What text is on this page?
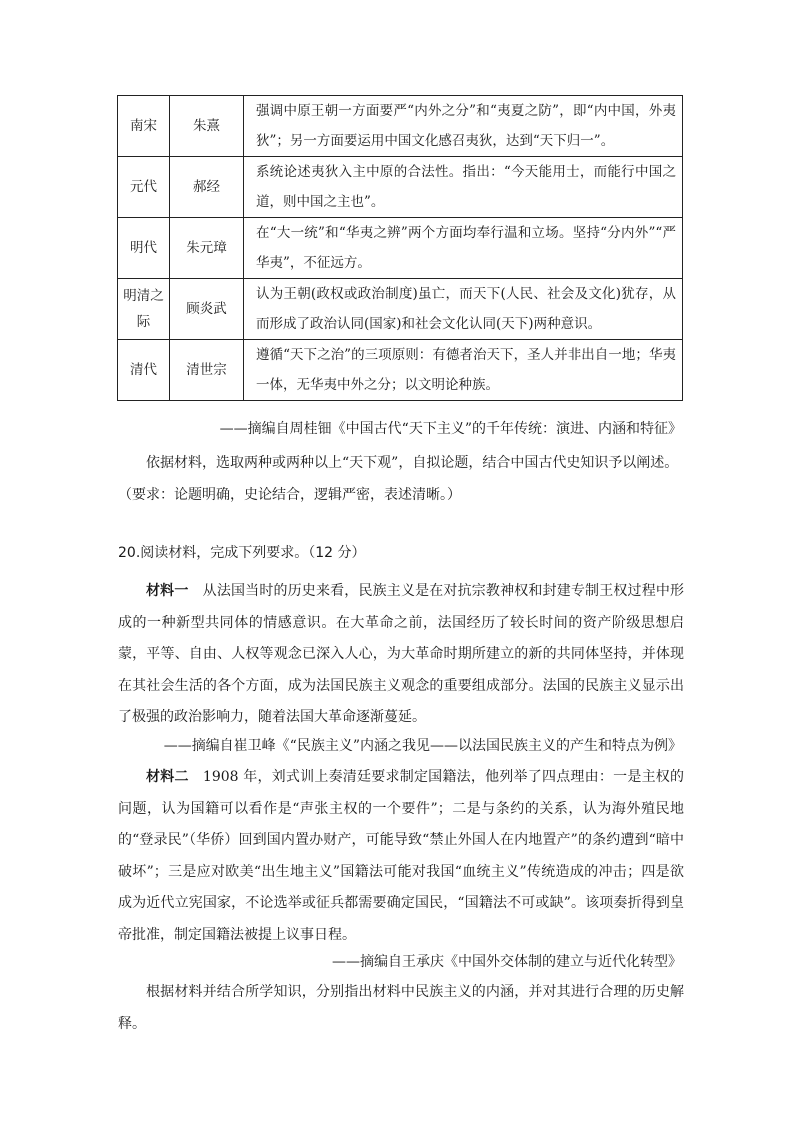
南宋	朱熹	强调中原王朝一方面要严“内外之分”和“夷夏之防”，即“内中国，外夷狄”；另一方面要运用中国文化感召夷狄，达到“天下归一”。
元代	郝经	系统论述夷狄入主中原的合法性。指出：“今天能用士，而能行中国之道，则中国之主也”。
明代	朱元璋	在“大一统”和“华夷之辨”两个方面均奉行温和立场。坚持“分内外”“严华夷”，不征远方。
明清之际	顾炎武	认为王朝(政权或政治制度)虽亡，而天下(人民、社会及文化)犹存，从而形成了政治认同(国家)和社会文化认同(天下)两种意识。
清代	清世宗	遵循“天下之治”的三项原则：有德者治天下，圣人并非出自一地；华夷一体，无华夷中外之分；以文明论种族。
——摘编自周桂钿《中国古代“天下主义”的千年传统：演进、内涵和特征》
依据材料，选取两种或两种以上“天下观”，自拟论题，结合中国古代史知识予以阐述。
（要求：论题明确，史论结合，逻辑严密，表述清晰。）
20.阅读材料，完成下列要求。（12 分）
材料一　 从法国当时的历史来看，民族主义是在对抗宗教神权和封建专制王权过程中形成的一种新型共同体的情感意识。在大革命之前，法国经历了较长时间的资产阶级思想启蒙，平等、自由、人权等观念已深入人心，为大革命时期所建立的新的共同体坚持，并体现在其社会生活的各个方面，成为法国民族主义观念的重要组成部分。法国的民族主义显示出了极强的政治影响力，随着法国大革命逐渐蔓延。
——摘编自崔卫峰《“民族主义”内涵之我见——以法国民族主义的产生和特点为例》
材料二　 1908 年，刘式训上奏清廷要求制定国籍法，他列举了四点理由：一是主权的问题，认为国籍可以看作是“声张主权的一个要件”；二是与条约的关系，认为海外殖民地的“登录民”（华侨）回到国内置办财产，可能导致“禁止外国人在内地置产”的条约遭到“暗中破坏”；三是应对欧美“出生地主义”国籍法可能对我国“血统主义”传统造成的冲击；四是欲成为近代立宪国家，不论选举或征兵都需要确定国民，“国籍法不可或缺”。该项奏折得到皇帝批准，制定国籍法被提上议事日程。
——摘编自王承庆《中国外交体制的建立与近代化转型》
根据材料并结合所学知识，分别指出材料中民族主义的内涵，并对其进行合理的历史解释。
